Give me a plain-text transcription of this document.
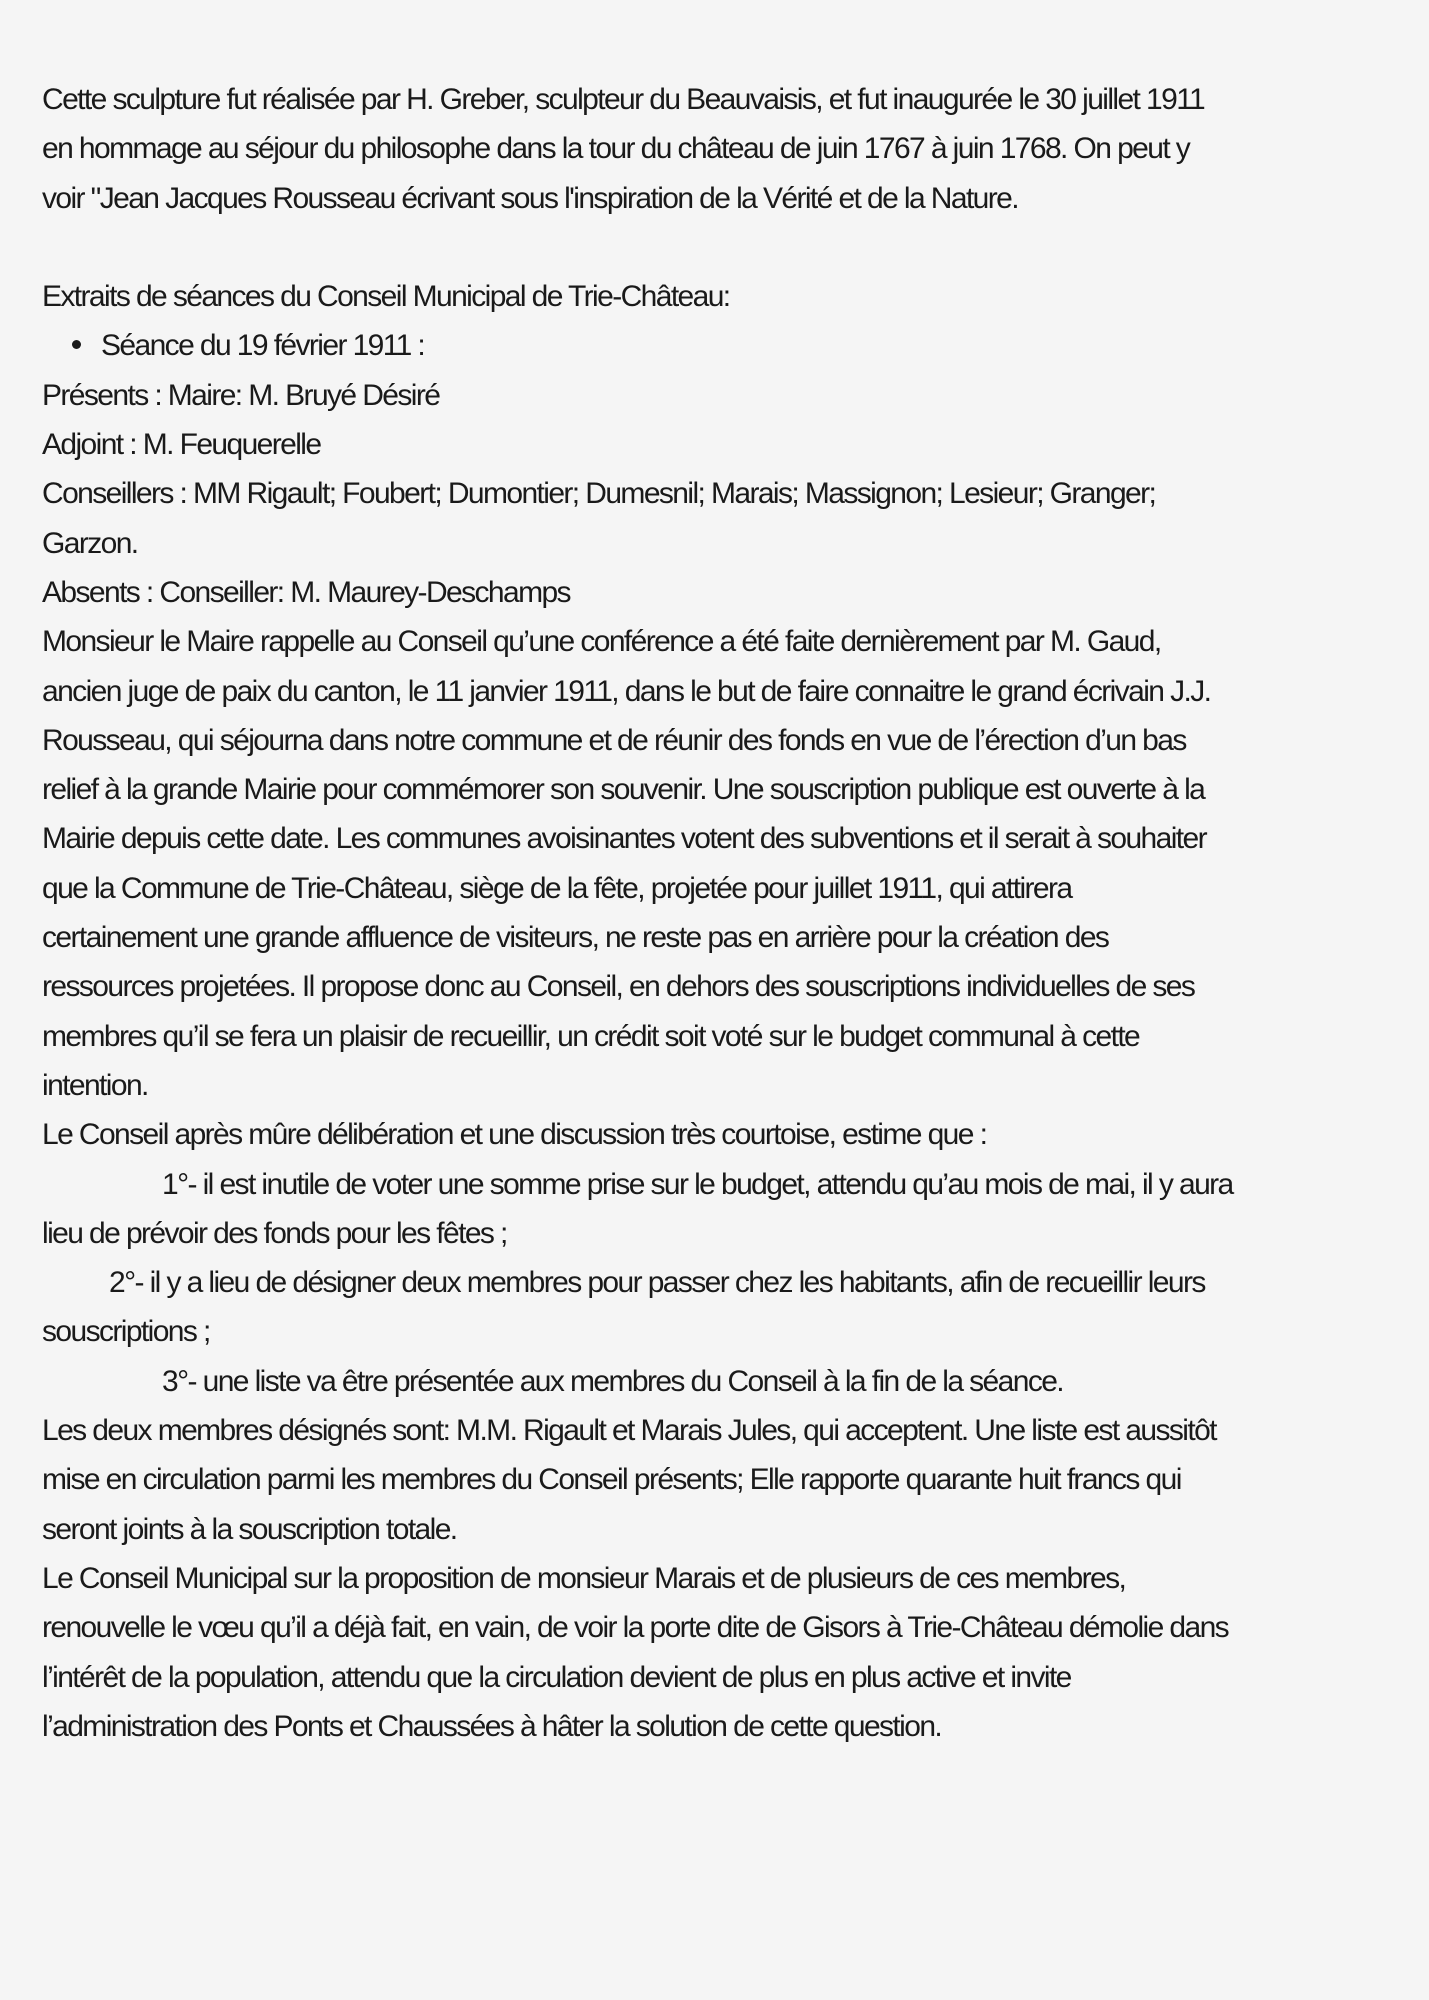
Cette sculpture fut réalisée par H. Greber, sculpteur du Beauvaisis, et fut inaugurée le 30 juillet 1911
en hommage au séjour du philosophe dans la tour du château de juin 1767 à juin 1768. On peut y
voir "Jean Jacques Rousseau écrivant sous l'inspiration de la Vérité et de la Nature.
Extraits de séances du Conseil Municipal de Trie-Château:
Séance du 19 février 1911 :
Présents : Maire: M. Bruyé Désiré
Adjoint : M. Feuquerelle
Conseillers : MM Rigault; Foubert; Dumontier; Dumesnil; Marais; Massignon; Lesieur; Granger;
Garzon.
Absents : Conseiller: M. Maurey-Deschamps
Monsieur le Maire rappelle au Conseil qu’une conférence a été faite dernièrement par M. Gaud,
ancien juge de paix du canton, le 11 janvier 1911, dans le but de faire connaitre le grand écrivain J.J.
Rousseau, qui séjourna dans notre commune et de réunir des fonds en vue de l’érection d’un bas
relief à la grande Mairie pour commémorer son souvenir. Une souscription publique est ouverte à la
Mairie depuis cette date. Les communes avoisinantes votent des subventions et il serait à souhaiter
que la Commune de Trie-Château, siège de la fête, projetée pour juillet 1911, qui attirera
certainement une grande affluence de visiteurs, ne reste pas en arrière pour la création des
ressources projetées. Il propose donc au Conseil, en dehors des souscriptions individuelles de ses
membres qu’il se fera un plaisir de recueillir, un crédit soit voté sur le budget communal à cette
intention.
Le Conseil après mûre délibération et une discussion très courtoise, estime que :
1°- il est inutile de voter une somme prise sur le budget, attendu qu’au mois de mai, il y aura
lieu de prévoir des fonds pour les fêtes ;
2°- il y a lieu de désigner deux membres pour passer chez les habitants, afin de recueillir leurs
souscriptions ;
3°- une liste va être présentée aux membres du Conseil à la fin de la séance.
Les deux membres désignés sont: M.M. Rigault et Marais Jules, qui acceptent. Une liste est aussitôt
mise en circulation parmi les membres du Conseil présents; Elle rapporte quarante huit francs qui
seront joints à la souscription totale.
Le Conseil Municipal sur la proposition de monsieur Marais et de plusieurs de ces membres,
renouvelle le vœu qu’il a déjà fait, en vain, de voir la porte dite de Gisors à Trie-Château démolie dans
l’intérêt de la population, attendu que la circulation devient de plus en plus active et invite
l’administration des Ponts et Chaussées à hâter la solution de cette question.
